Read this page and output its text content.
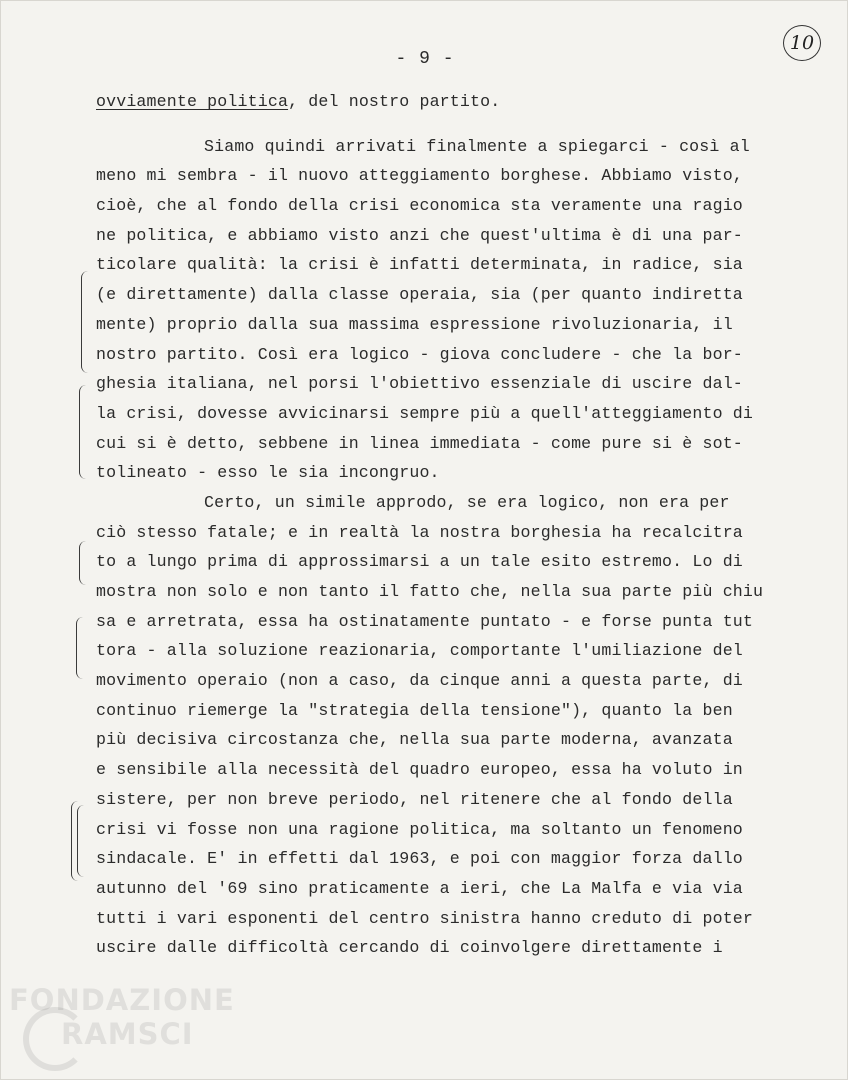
- 9 -
10
ovviamente politica, del nostro partito.
Siamo quindi arrivati finalmente a spiegarci - così al
meno mi sembra - il nuovo atteggiamento borghese. Abbiamo visto,
cioè, che al fondo della crisi economica sta veramente una ragio
ne politica, e abbiamo visto anzi che quest'ultima è di una par-
ticolare qualità: la crisi è infatti determinata, in radice, sia
(e direttamente) dalla classe operaia, sia (per quanto indiretta
mente) proprio dalla sua massima espressione rivoluzionaria, il
nostro partito. Così era logico - giova concludere - che la bor-
ghesia italiana, nel porsi l'obiettivo essenziale di uscire dal-
la crisi, dovesse avvicinarsi sempre più a quell'atteggiamento di
cui si è detto, sebbene in linea immediata - come pure si è sot-
tolineato - esso le sia incongruo.
Certo, un simile approdo, se era logico, non era per
ciò stesso fatale; e in realtà la nostra borghesia ha recalcitra
to a lungo prima di approssimarsi a un tale esito estremo. Lo di
mostra non solo e non tanto il fatto che, nella sua parte più chiu
sa e arretrata, essa ha ostinatamente puntato - e forse punta tut
tora - alla soluzione reazionaria, comportante l'umiliazione del
movimento operaio (non a caso, da cinque anni a questa parte, di
continuo riemerge la "strategia della tensione"), quanto la ben
più decisiva circostanza che, nella sua parte moderna, avanzata
e sensibile alla necessità del quadro europeo, essa ha voluto in
sistere, per non breve periodo, nel ritenere che al fondo della
crisi vi fosse non una ragione politica, ma soltanto un fenomeno
sindacale. E' in effetti dal 1963, e poi con maggior forza dallo
autunno del '69 sino praticamente a ieri, che La Malfa e via via
tutti i vari esponenti del centro sinistra hanno creduto di poter
uscire dalle difficoltà cercando di coinvolgere direttamente i
FONDAZIONE
RAMSCI
